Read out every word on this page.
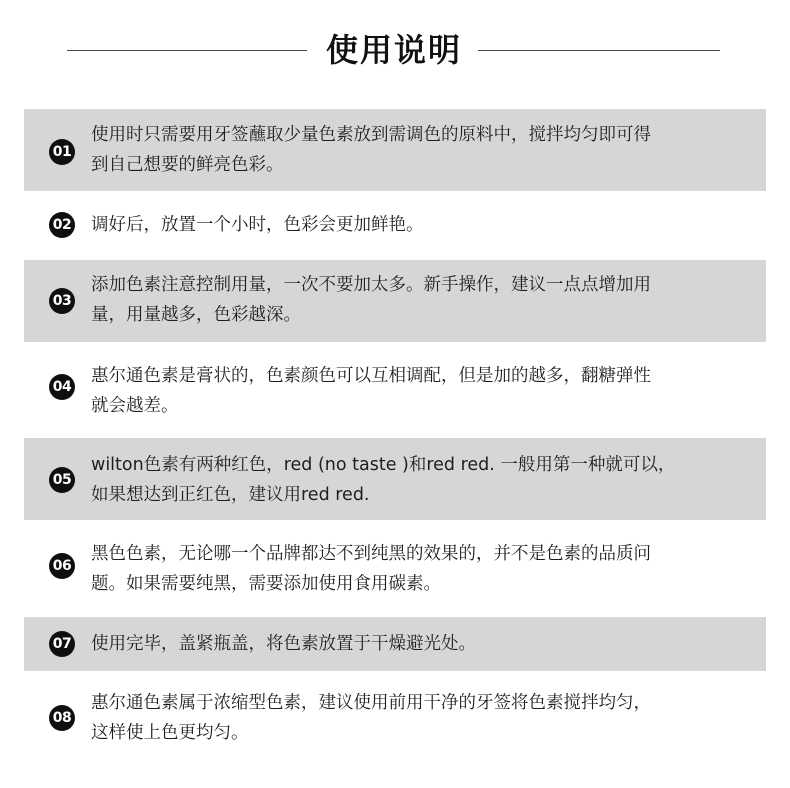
使用说明
01
使用时只需要用牙签蘸取少量色素放到需调色的原料中，搅拌均匀即可得
到自己想要的鲜亮色彩。
02 调好后，放置一个小时，色彩会更加鲜艳。
03
添加色素注意控制用量，一次不要加太多。新手操作，建议一点点增加用
量，用量越多，色彩越深。
04
惠尔通色素是膏状的，色素颜色可以互相调配，但是加的越多，翻糖弹性
就会越差。
05
wilton色素有两种红色，red (no taste )和red red. 一般用第一种就可以，
如果想达到正红色，建议用red red.
06
黑色色素，无论哪一个品牌都达不到纯黑的效果的，并不是色素的品质问
题。如果需要纯黑，需要添加使用食用碳素。
07 使用完毕，盖紧瓶盖，将色素放置于干燥避光处。
08
惠尔通色素属于浓缩型色素，建议使用前用干净的牙签将色素搅拌均匀，
这样使上色更均匀。
